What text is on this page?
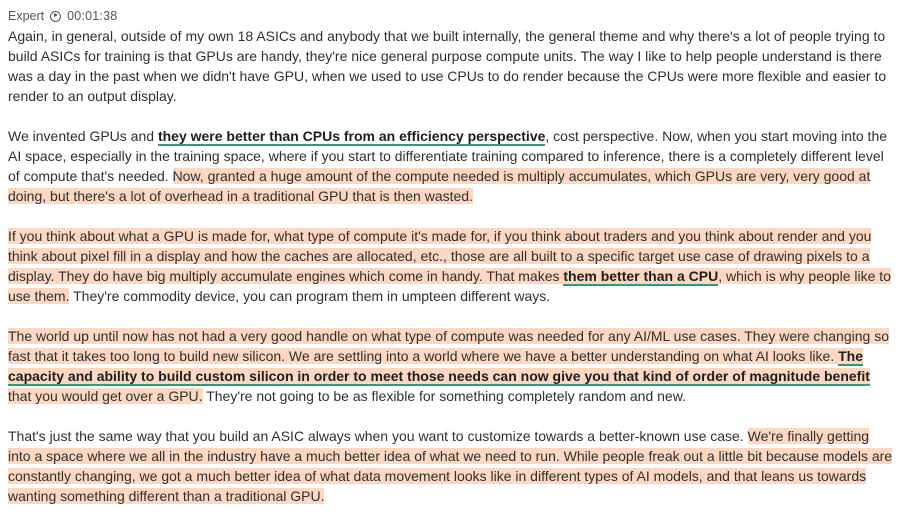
Expert 00:01:38

Again, in general, outside of my own 18 ASICs and anybody that we built internally, the general theme and why there's a lot of people trying to build ASICs for training is that GPUs are handy, they're nice general purpose compute units. The way I like to help people understand is there was a day in the past when we didn't have GPU, when we used to use CPUs to do render because the CPUs were more flexible and easier to render to an output display.

We invented GPUs and they were better than CPUs from an efficiency perspective, cost perspective. Now, when you start moving into the AI space, especially in the training space, where if you start to differentiate training compared to inference, there is a completely different level of compute that's needed. Now, granted a huge amount of the compute needed is multiply accumulates, which GPUs are very, very good at doing, but there's a lot of overhead in a traditional GPU that is then wasted.

If you think about what a GPU is made for, what type of compute it's made for, if you think about traders and you think about render and you think about pixel fill in a display and how the caches are allocated, etc., those are all built to a specific target use case of drawing pixels to a display. They do have big multiply accumulate engines which come in handy. That makes them better than a CPU, which is why people like to use them. They're commodity device, you can program them in umpteen different ways.

The world up until now has not had a very good handle on what type of compute was needed for any AI/ML use cases. They were changing so fast that it takes too long to build new silicon. We are settling into a world where we have a better understanding on what AI looks like. The capacity and ability to build custom silicon in order to meet those needs can now give you that kind of order of magnitude benefit that you would get over a GPU. They're not going to be as flexible for something completely random and new.

That's just the same way that you build an ASIC always when you want to customize towards a better-known use case. We're finally getting into a space where we all in the industry have a much better idea of what we need to run. While people freak out a little bit because models are constantly changing, we got a much better idea of what data movement looks like in different types of AI models, and that leans us towards wanting something different than a traditional GPU.
